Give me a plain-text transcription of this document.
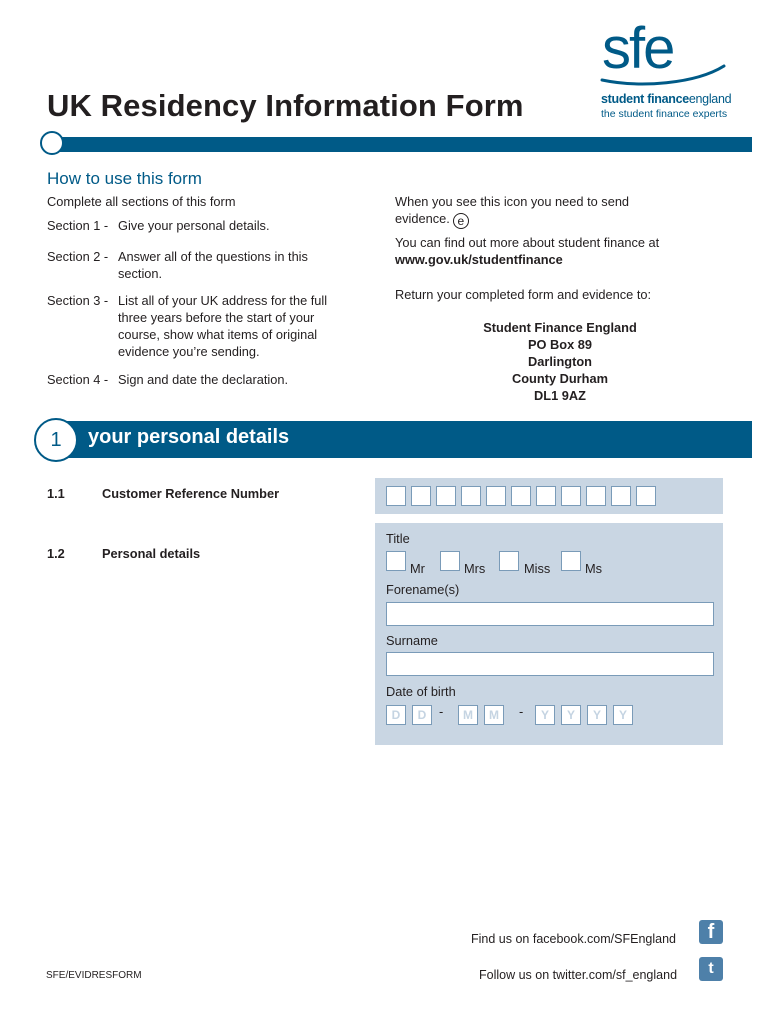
UK Residency Information Form
sfe
student financeengland
the student finance experts
How to use this form
Complete all sections of this form
Section 1 - Give your personal details.
Section 2 - Answer all of the questions in this section.
Section 3 - List all of your UK address for the full three years before the start of your course, show what items of original evidence you’re sending.
Section 4 - Sign and date the declaration.
When you see this icon you need to send evidence. e
You can find out more about student finance at
www.gov.uk/studentfinance
Return your completed form and evidence to:
Student Finance England
PO Box 89
Darlington
County Durham
DL1 9AZ
1	your personal details
1.1	Customer Reference Number
1.2	Personal details
Title
Mr	Mrs	Miss	Ms
Forename(s)
Surname
Date of birth
D	D -	M	M	-	Y	Y	Y	Y
Find us on facebook.com/SFEngland	f
SFE/EVIDRESFORM	Follow us on twitter.com/sf_england	t
